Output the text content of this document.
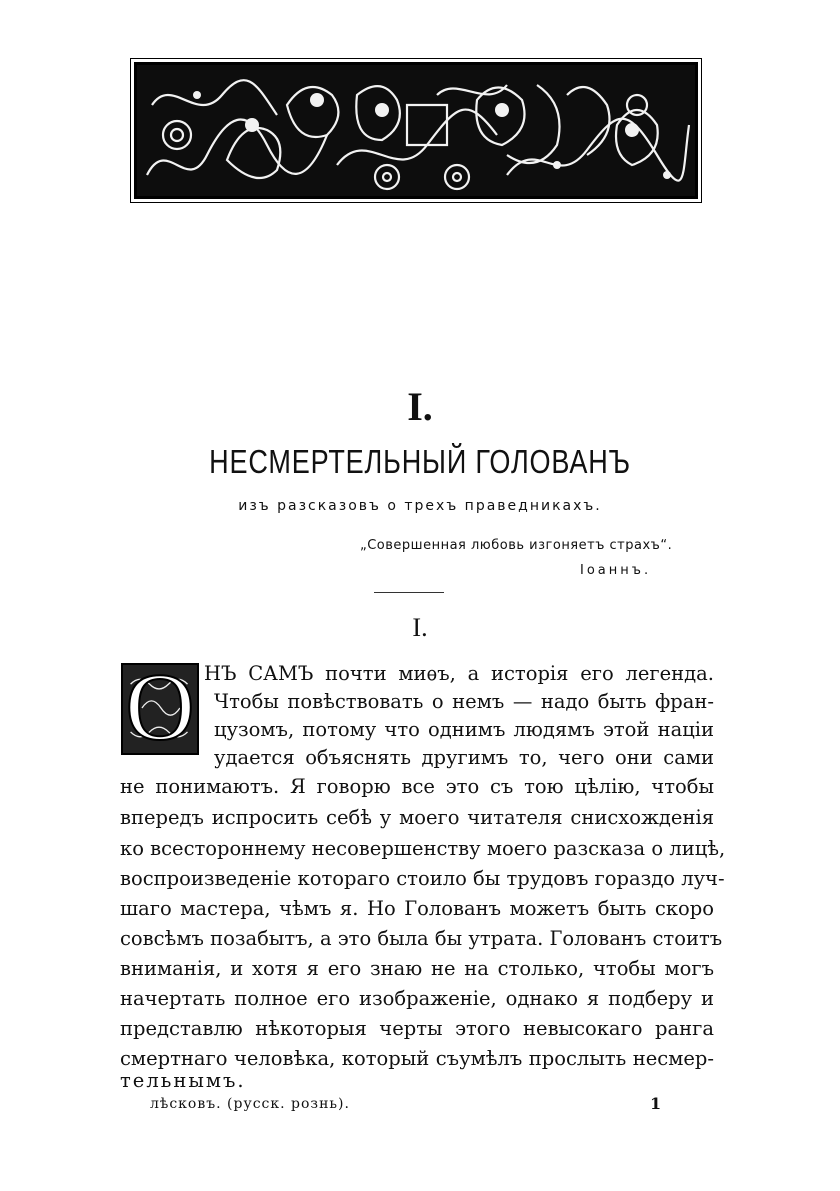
I.
НЕСМЕРТЕЛЬНЫЙ ГОЛОВАНЪ
изъ разсказовъ о трехъ праведникахъ.
„Совершенная любовь изгоняетъ страхъ“.
Іоаннъ.
I.
О НЪ САМЪ почти миѳъ, а исторія его легенда.
Чтобы повѣствовать о немъ — надо быть фран-
цузомъ, потому что однимъ людямъ этой націи
удается объяснять другимъ то, чего они сами
не понимаютъ. Я говорю все это съ тою цѣлію, чтобы
впередъ испросить себѣ у моего читателя снисхожденія
ко всестороннему несовершенству моего разсказа о лицѣ,
воспроизведеніе котораго стоило бы трудовъ гораздо луч-
шаго мастера, чѣмъ я. Но Голованъ можетъ быть скоро
совсѣмъ позабытъ, а это была бы утрата. Голованъ стоитъ
вниманія, и хотя я его знаю не на столько, чтобы могъ
начертать полное его изображеніе, однако я подберу и
представлю нѣкоторыя черты этого невысокаго ранга
смертнаго человѣка, который съумѣлъ прослыть несмер-
тельнымъ.
лѣсковъ. (русск. рознь).	1
